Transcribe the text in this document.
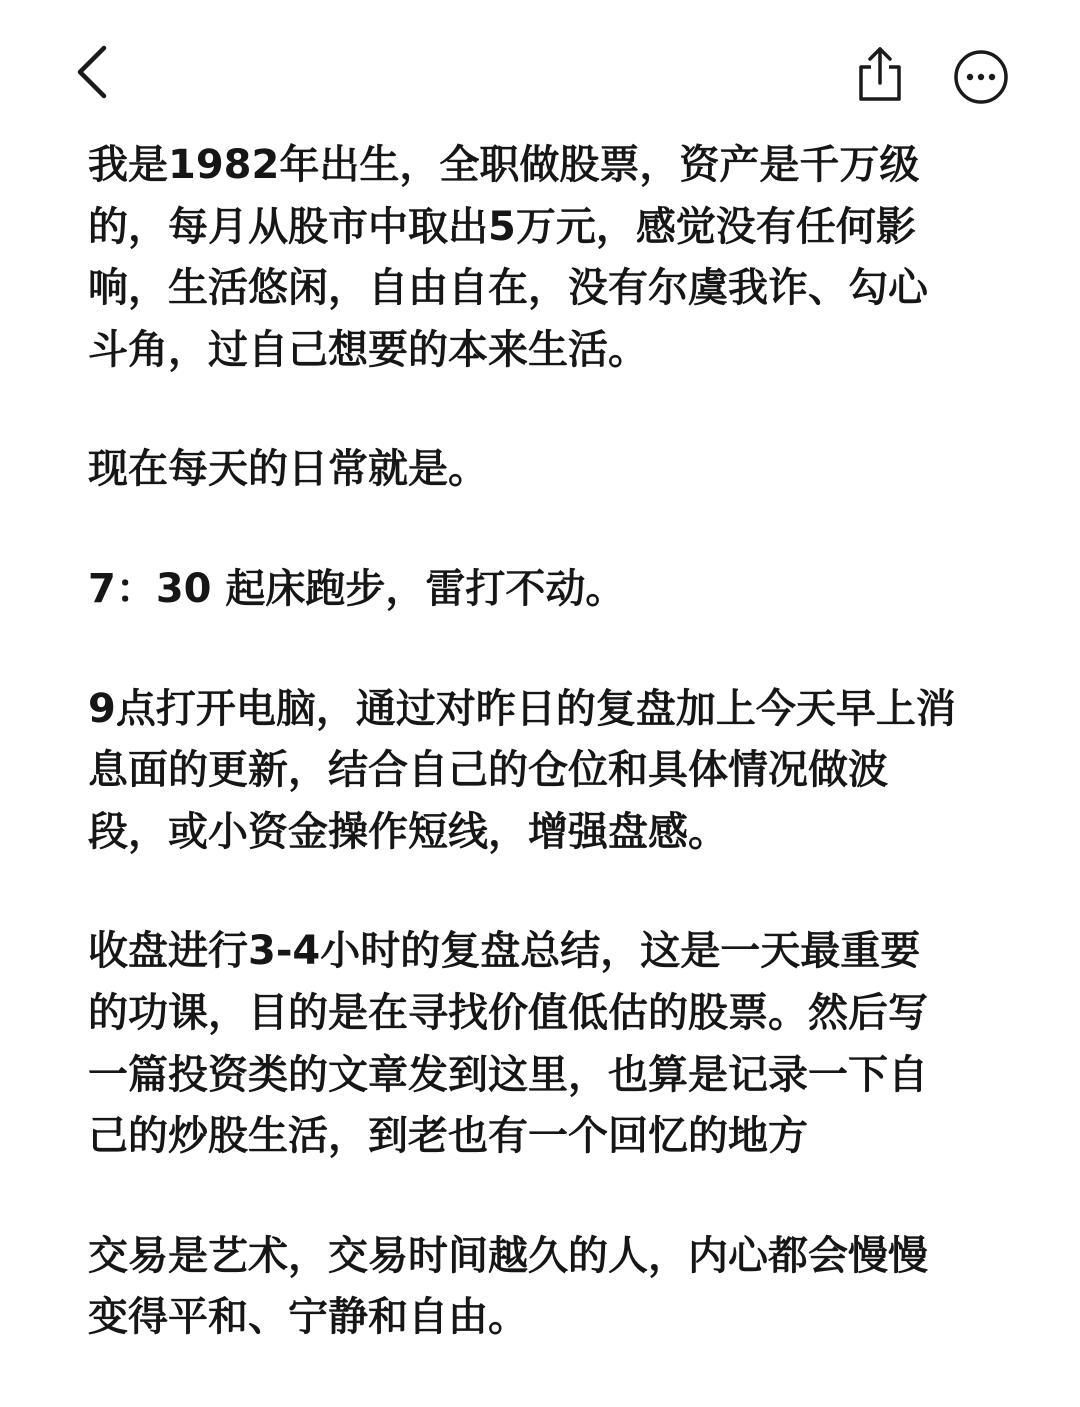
我是1982年出生，全职做股票，资产是千万级
的，每月从股市中取出5万元，感觉没有任何影
响，生活悠闲，自由自在，没有尔虞我诈、勾心
斗角，过自己想要的本来生活。

现在每天的日常就是。

7：30 起床跑步，雷打不动。

9点打开电脑，通过对昨日的复盘加上今天早上消
息面的更新，结合自己的仓位和具体情况做波
段，或小资金操作短线，增强盘感。

收盘进行3-4小时的复盘总结，这是一天最重要
的功课，目的是在寻找价值低估的股票。然后写
一篇投资类的文章发到这里，也算是记录一下自
己的炒股生活，到老也有一个回忆的地方

交易是艺术，交易时间越久的人，内心都会慢慢
变得平和、宁静和自由。
